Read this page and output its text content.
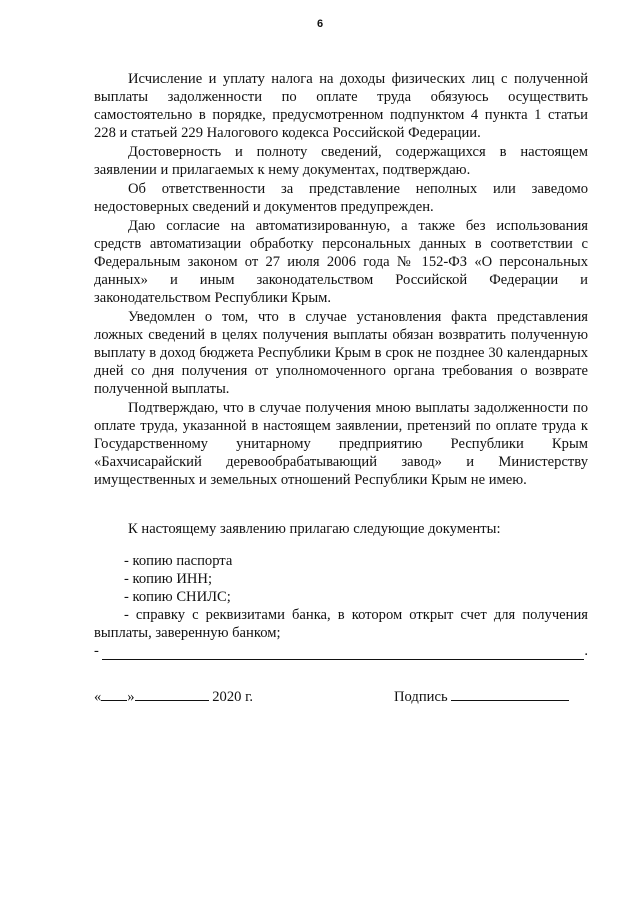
6

Исчисление и уплату налога на доходы физических лиц с полученной выплаты задолженности по оплате труда обязуюсь осуществить самостоятельно в порядке, предусмотренном подпунктом 4 пункта 1 статьи 228 и статьей 229 Налогового кодекса Российской Федерации.

Достоверность и полноту сведений, содержащихся в настоящем заявлении и прилагаемых к нему документах, подтверждаю.

Об ответственности за представление неполных или заведомо недостоверных сведений и документов предупрежден.

Даю согласие на автоматизированную, а также без использования средств автоматизации обработку персональных данных в соответствии с Федеральным законом от 27 июля 2006 года № 152-ФЗ «О персональных данных» и иным законодательством Российской Федерации и законодательством Республики Крым.

Уведомлен о том, что в случае установления факта представления ложных сведений в целях получения выплаты обязан возвратить полученную выплату в доход бюджета Республики Крым в срок не позднее 30 календарных дней со дня получения от уполномоченного органа требования о возврате полученной выплаты.

Подтверждаю, что в случае получения мною выплаты задолженности по оплате труда, указанной в настоящем заявлении, претензий по оплате труда к Государственному унитарному предприятию Республики Крым «Бахчисарайский деревообрабатывающий завод» и Министерству имущественных и земельных отношений Республики Крым не имею.

К настоящему заявлению прилагаю следующие документы:

- копию паспорта
- копию ИНН;
- копию СНИЛС;
- справку с реквизитами банка, в котором открыт счет для получения выплаты, заверенную банком;
-	.
« »	2020 г.	Подпись
